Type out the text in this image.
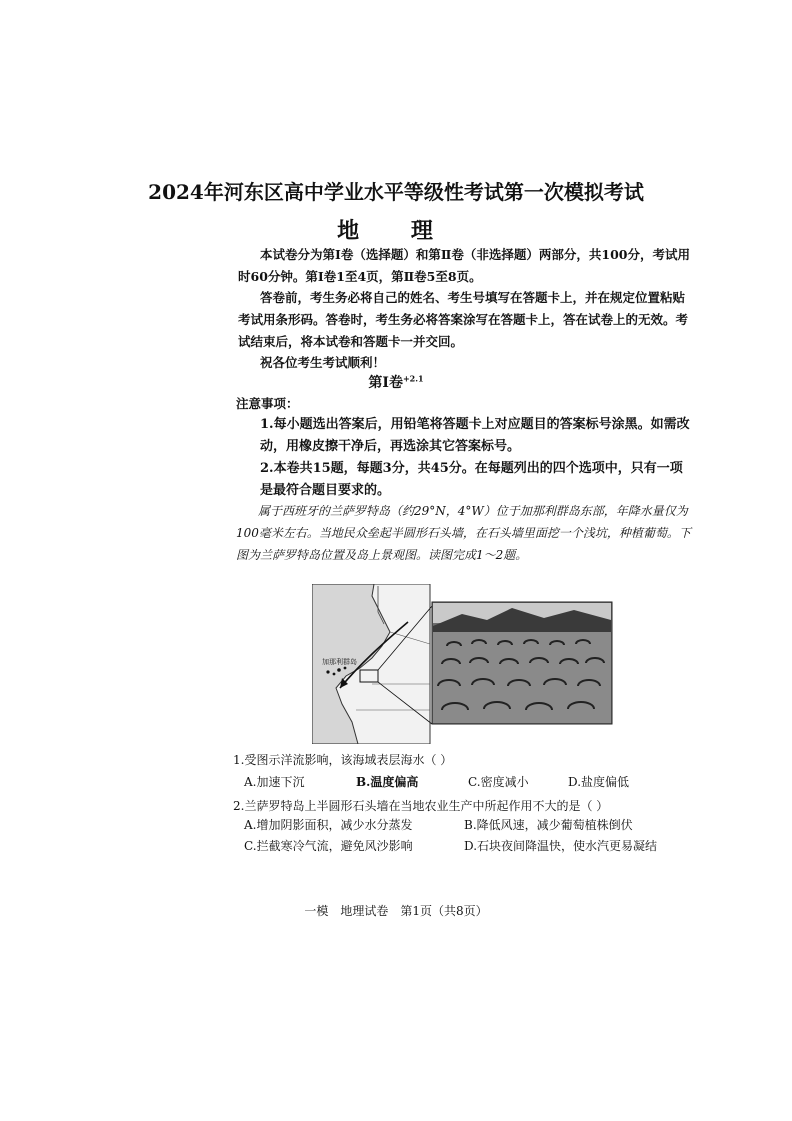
2024年河东区高中学业水平等级性考试第一次模拟考试
地 理

本试卷分为第Ⅰ卷（选择题）和第Ⅱ卷（非选择题）两部分，共100分，考试用时60分钟。第Ⅰ卷1至4页，第Ⅱ卷5至8页。

答卷前，考生务必将自己的姓名、考生号填写在答题卡上，并在规定位置粘贴考试用条形码。答卷时，考生务必将答案涂写在答题卡上，答在试卷上的无效。考试结束后，将本试卷和答题卡一并交回。

祝各位考生考试顺利！

第Ⅰ卷$^{+2.1}$
注意事项：

1.每小题选出答案后，用铅笔将答题卡上对应题目的答案标号涂黑。如需改动，用橡皮擦干净后，再选涂其它答案标号。

2.本卷共15题，每题3分，共45分。在每题列出的四个选项中，只有一项是最符合题目要求的。

属于西班牙的兰萨罗特岛（约29°N，4°W）位于加那利群岛东部，年降水量仅为100毫米左右。当地民众垒起半圆形石头墙，在石头墙里面挖一个浅坑，种植葡萄。下图为兰萨罗特岛位置及岛上景观图。读图完成1～2题。

加那利群岛
1.受图示洋流影响，该海域表层海水（ ）
A.加速下沉	B.温度偏高	C.密度减小	D.盐度偏低
2.兰萨罗特岛上半圆形石头墙在当地农业生产中所起作用不大的是（ ）
A.增加阴影面积，减少水分蒸发	B.降低风速，减少葡萄植株倒伏
C.拦截寒冷气流，避免风沙影响	D.石块夜间降温快，使水汽更易凝结
一模　地理试卷　第1页（共8页）
